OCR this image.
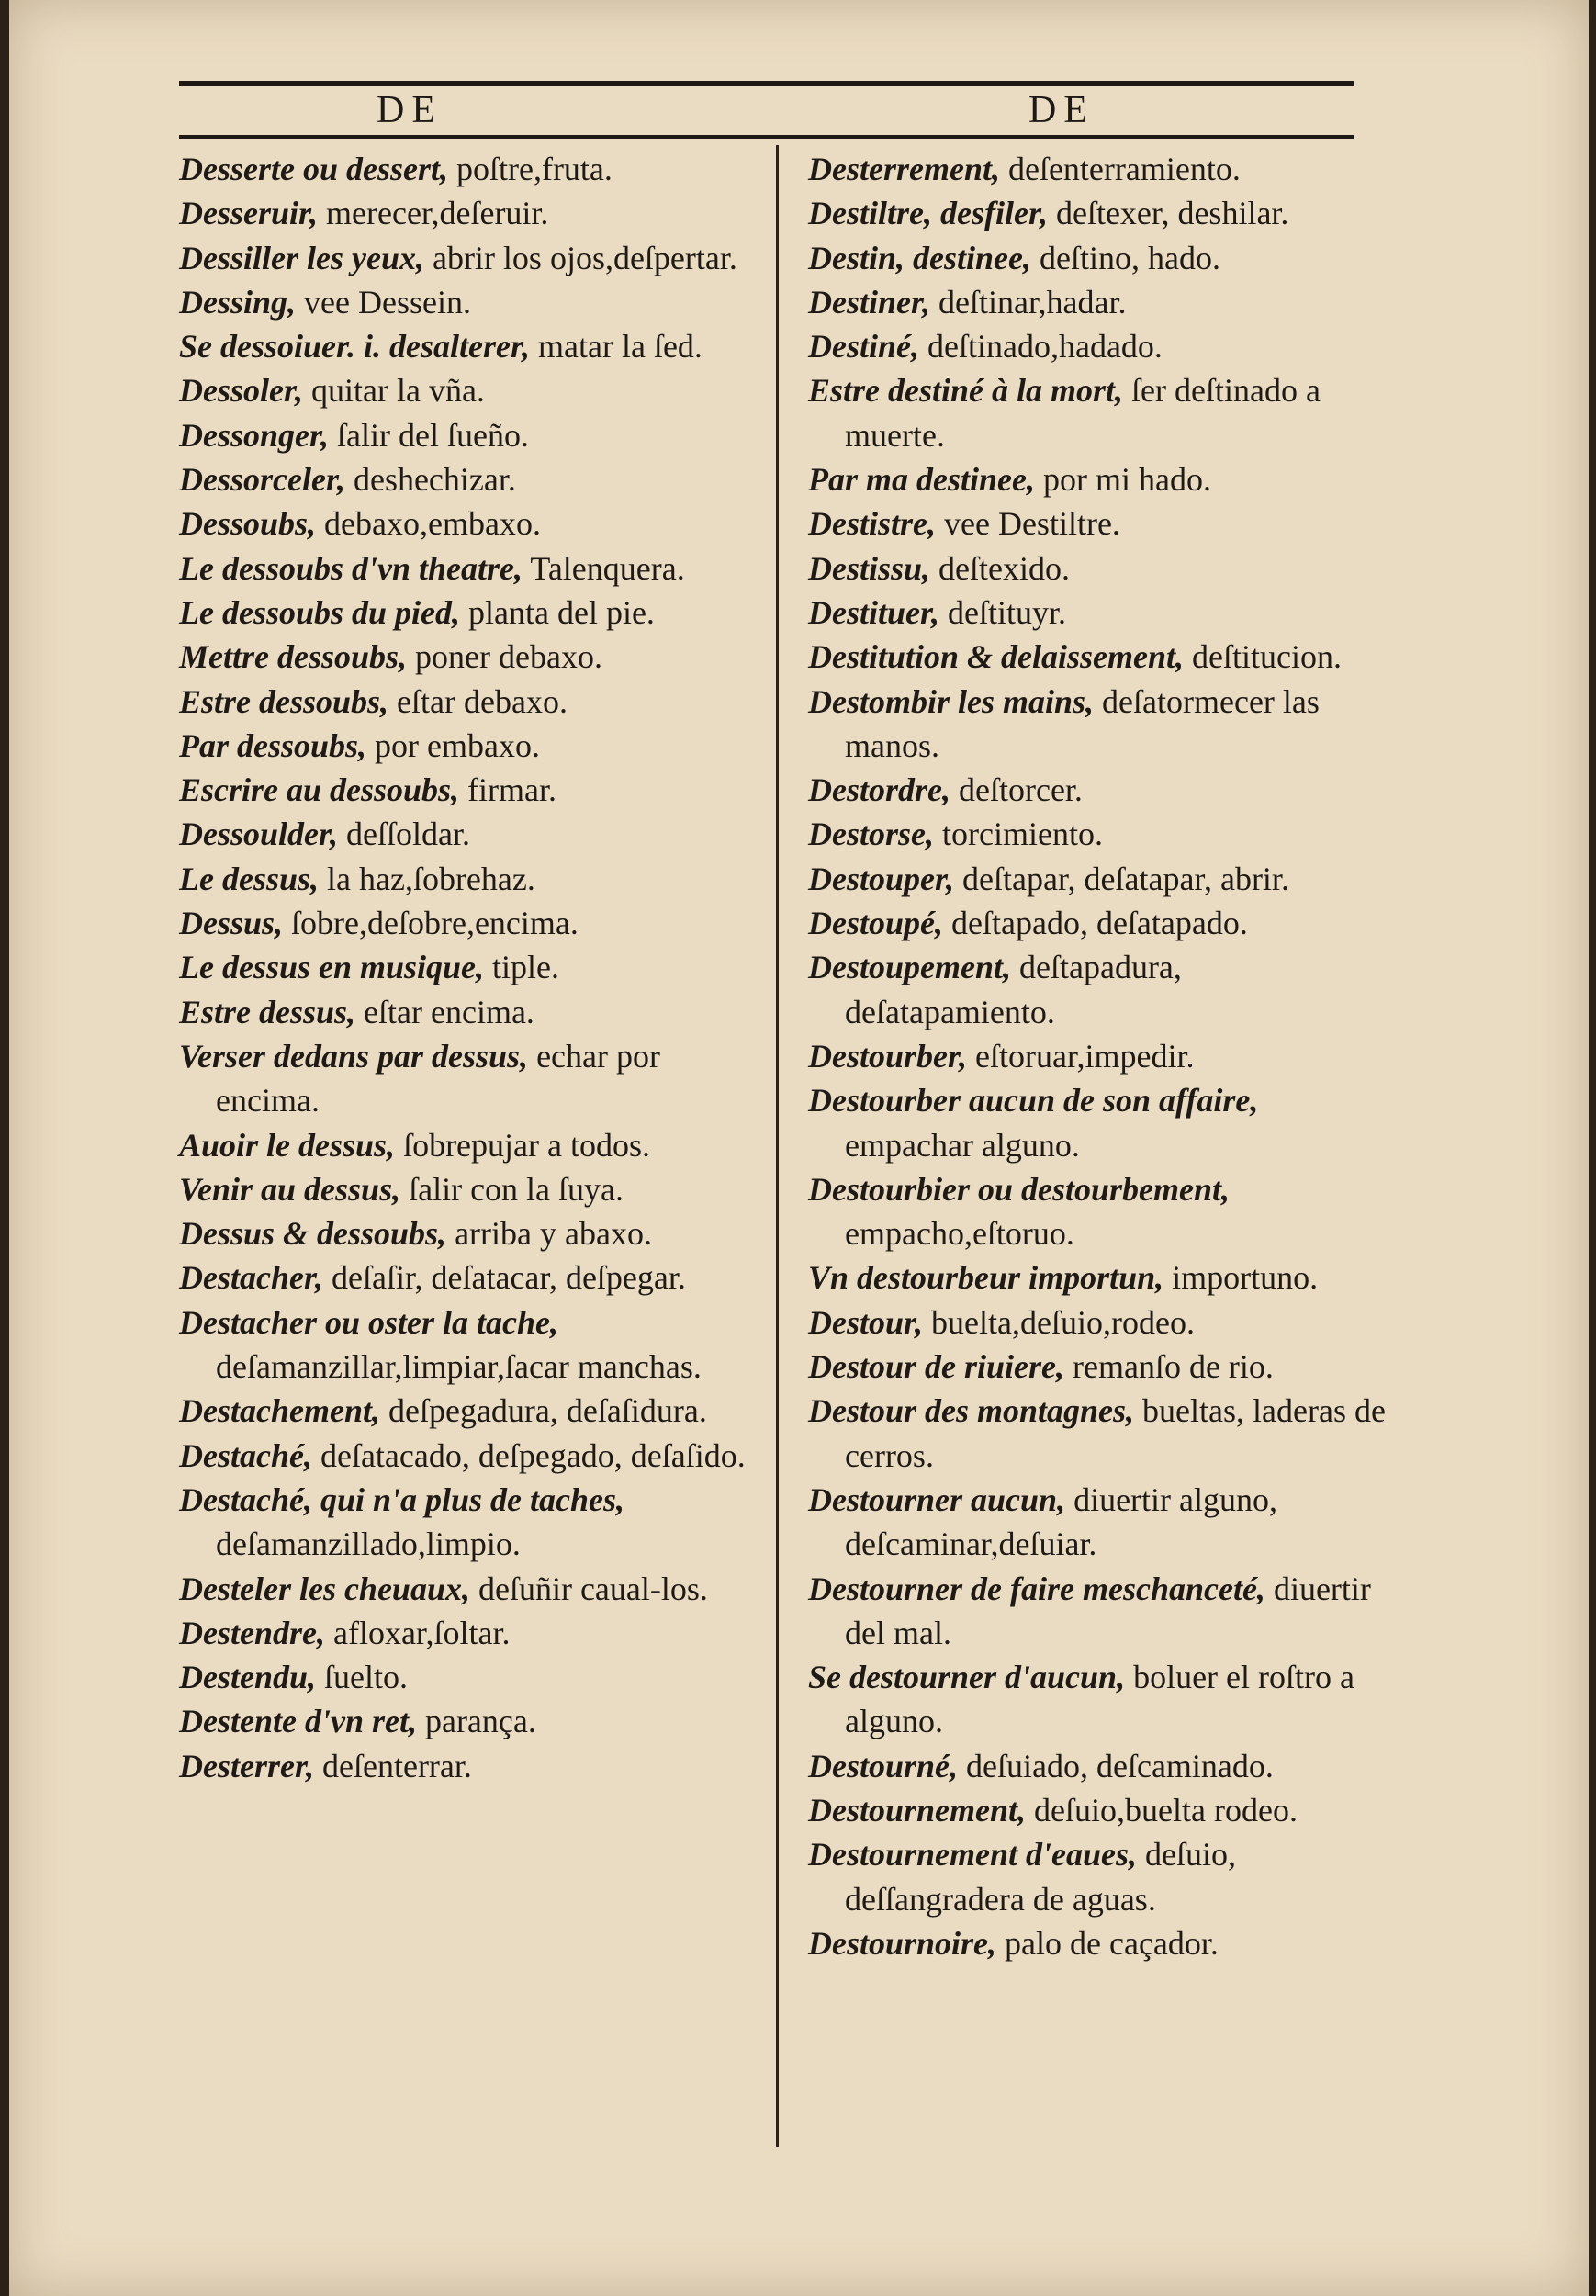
DE	DE

Desserte ou dessert, poſtre,fruta.

Desseruir, merecer,deſeruir.

Dessiller les yeux, abrir los ojos,deſpertar.

Dessing, vee Dessein.

Se dessoiuer. i. desalterer, matar la ſed.

Dessoler, quitar la vña.

Dessonger, ſalir del ſueño.

Dessorceler, deshechizar.

Dessoubs, debaxo,embaxo.

Le dessoubs d'vn theatre, Talenquera.

Le dessoubs du pied, planta del pie.

Mettre dessoubs, poner debaxo.

Estre dessoubs, eſtar debaxo.

Par dessoubs, por embaxo.

Escrire au dessoubs, firmar.

Dessoulder, deſſoldar.

Le dessus, la haz,ſobrehaz.

Dessus, ſobre,deſobre,encima.

Le dessus en musique, tiple.

Estre dessus, eſtar encima.

Verser dedans par dessus, echar por encima.

Auoir le dessus, ſobrepujar a todos.

Venir au dessus, ſalir con la ſuya.

Dessus & dessoubs, arriba y abaxo.

Destacher, deſaſir, deſatacar, deſpegar.

Destacher ou oster la tache, deſamanzillar,limpiar,ſacar manchas.

Destachement, deſpegadura, deſaſidura.

Destaché, deſatacado, deſpegado, deſaſido.

Destaché, qui n'a plus de taches, deſamanzillado,limpio.

Desteler les cheuaux, deſuñir caual-los.

Destendre, afloxar,ſoltar.

Destendu, ſuelto.

Destente d'vn ret, parança.

Desterrer, deſenterrar.

Desterrement, deſenterramiento.

Destiltre, desfiler, deſtexer, deshilar.

Destin, destinee, deſtino, hado.

Destiner, deſtinar,hadar.

Destiné, deſtinado,hadado.

Estre destiné à la mort, ſer deſtinado a muerte.

Par ma destinee, por mi hado.

Destistre, vee Destiltre.

Destissu, deſtexido.

Destituer, deſtituyr.

Destitution & delaissement, deſtitucion.

Destombir les mains, deſatormecer las manos.

Destordre, deſtorcer.

Destorse, torcimiento.

Destouper, deſtapar, deſatapar, abrir.

Destoupé, deſtapado, deſatapado.

Destoupement, deſtapadura, deſatapamiento.

Destourber, eſtoruar,impedir.

Destourber aucun de son affaire, empachar alguno.

Destourbier ou destourbement, empacho,eſtoruo.

Vn destourbeur importun, importuno.

Destour, buelta,deſuio,rodeo.

Destour de riuiere, remanſo de rio.

Destour des montagnes, bueltas, laderas de cerros.

Destourner aucun, diuertir alguno, deſcaminar,deſuiar.

Destourner de faire meschanceté, diuertir del mal.

Se destourner d'aucun, boluer el roſtro a alguno.

Destourné, deſuiado, deſcaminado.

Destournement, deſuio,buelta rodeo.

Destournement d'eaues, deſuio, deſſangradera de aguas.

Destournoire, palo de caçador.
